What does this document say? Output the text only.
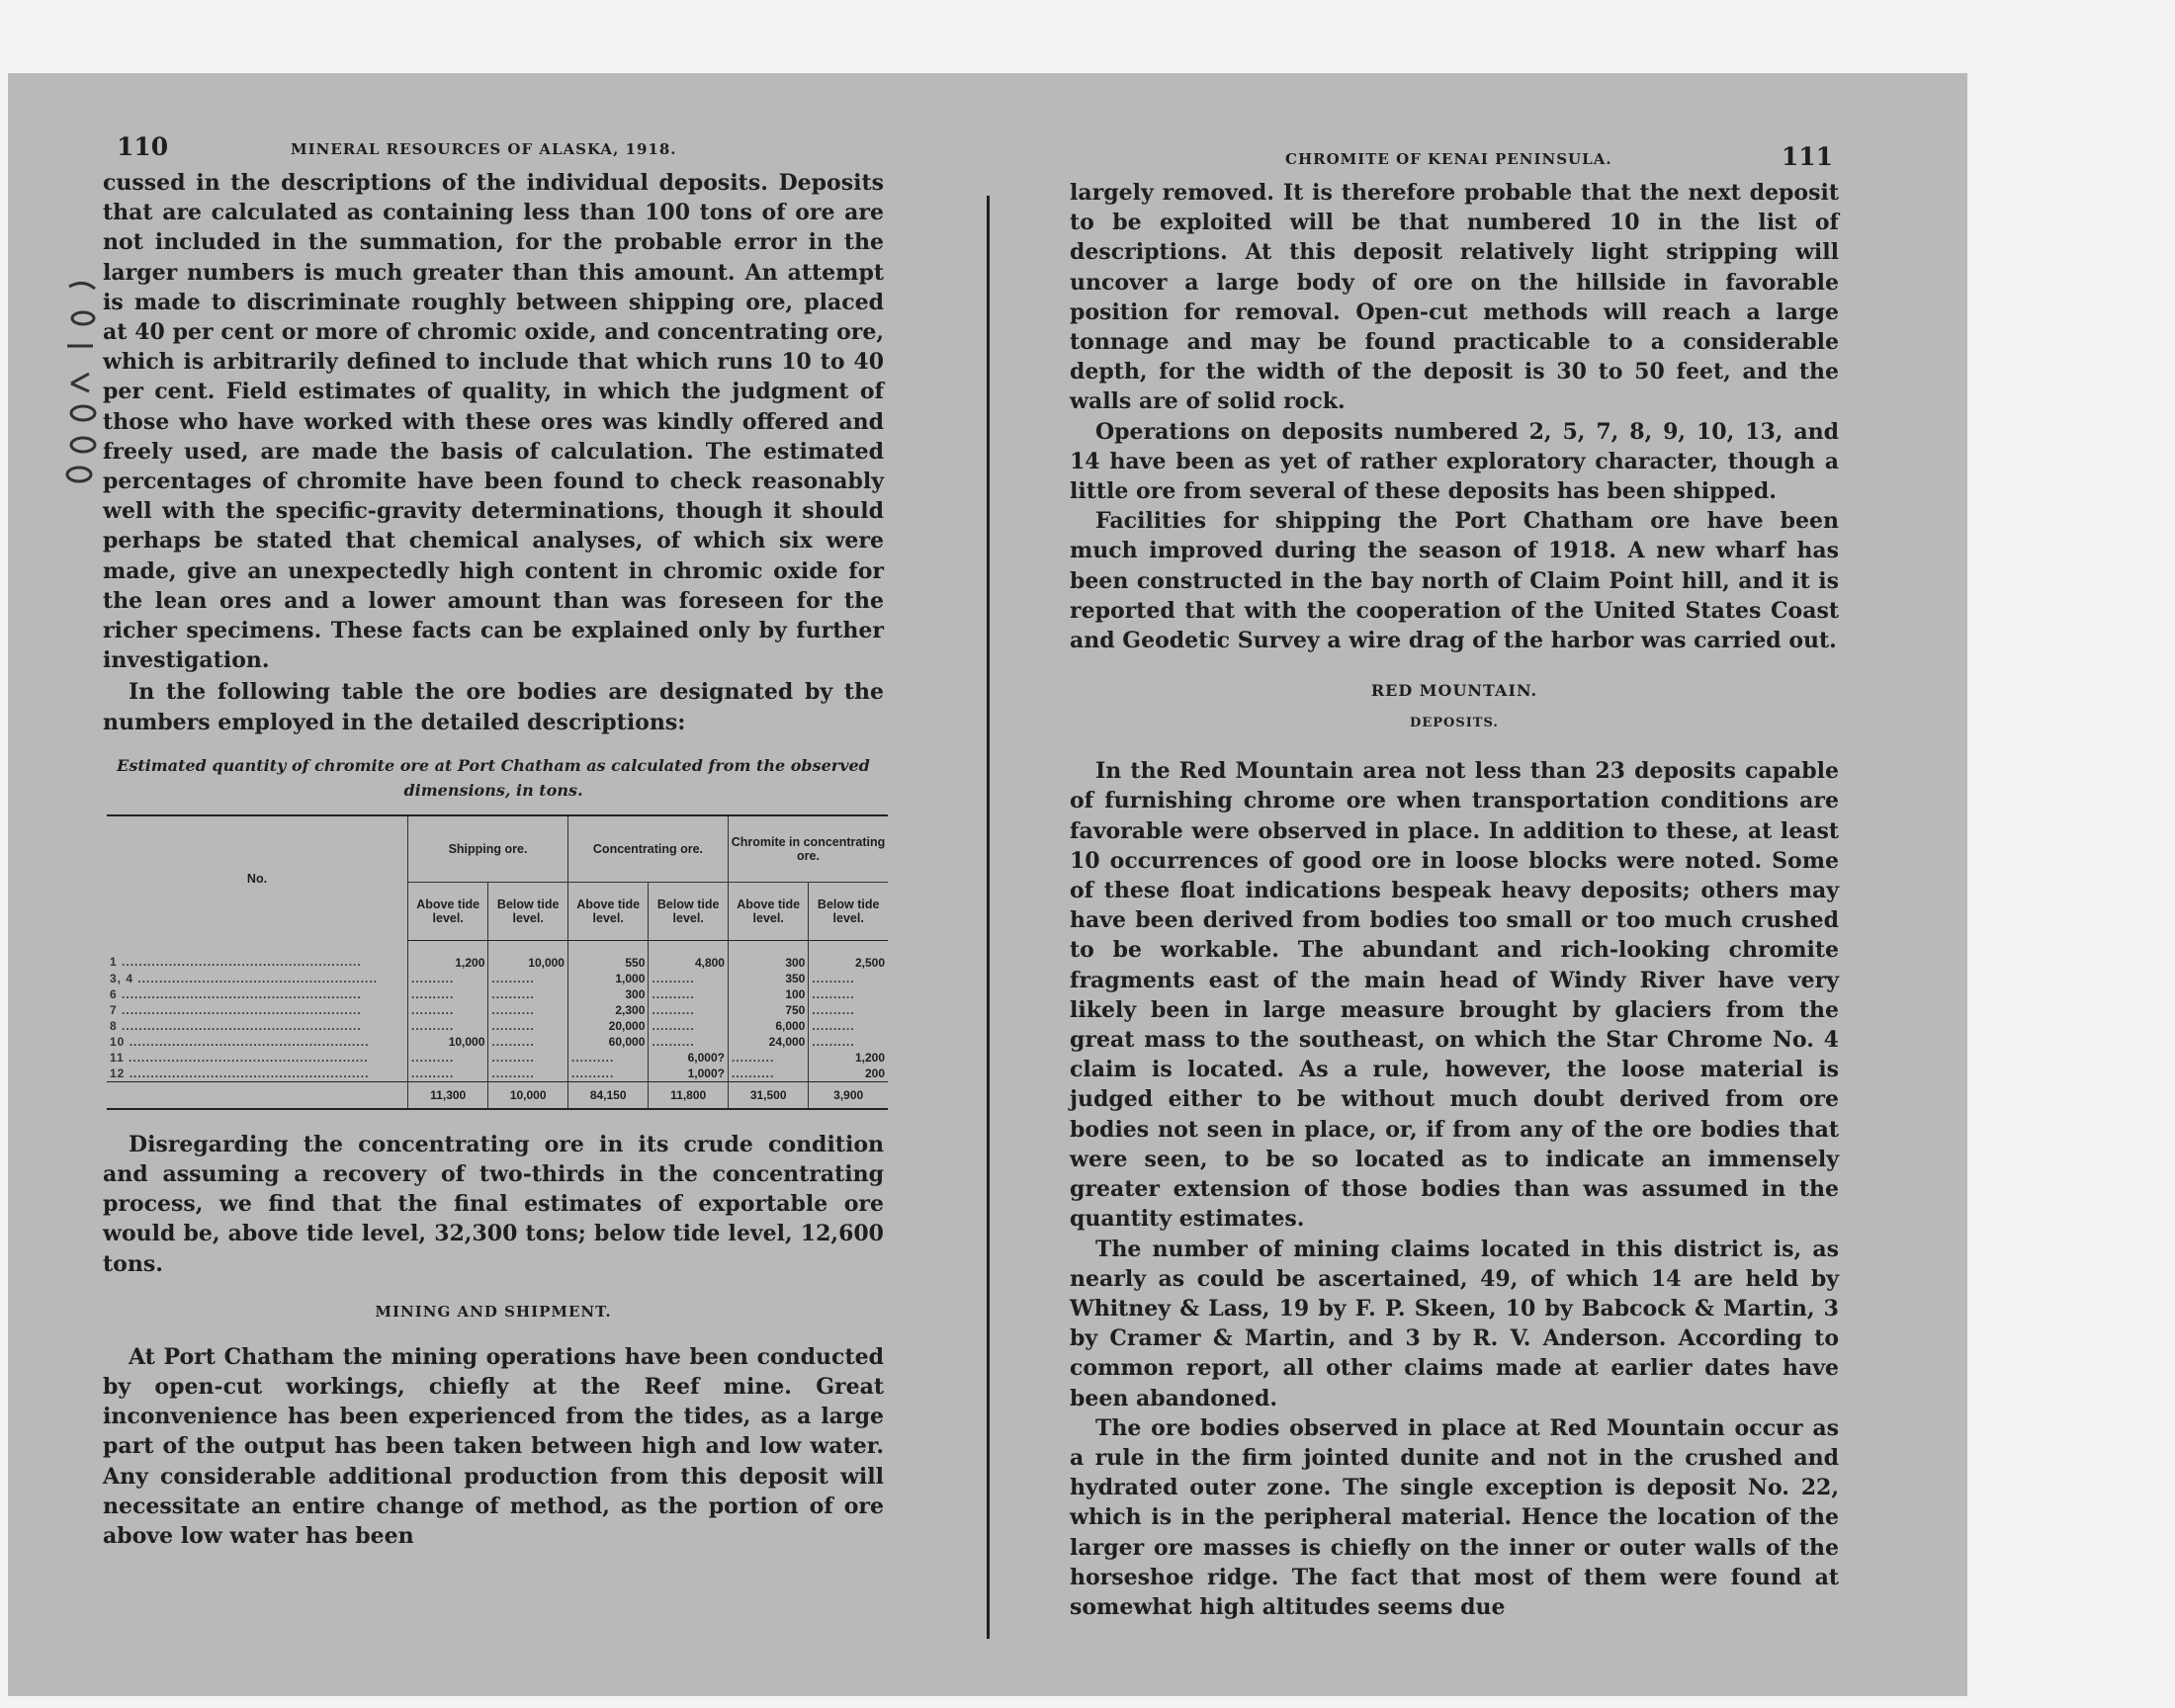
110	MINERAL RESOURCES OF ALASKA, 1918.

cussed in the descriptions of the individual deposits. Deposits that are calculated as containing less than 100 tons of ore are not included in the summation, for the probable error in the larger numbers is much greater than this amount. An attempt is made to discriminate roughly between shipping ore, placed at 40 per cent or more of chromic oxide, and concentrating ore, which is arbitrarily defined to include that which runs 10 to 40 per cent. Field estimates of quality, in which the judgment of those who have worked with these ores was kindly offered and freely used, are made the basis of calculation. The estimated percentages of chromite have been found to check reasonably well with the specific-gravity determinations, though it should perhaps be stated that chemical analyses, of which six were made, give an unexpectedly high content in chromic oxide for the lean ores and a lower amount than was foreseen for the richer specimens. These facts can be explained only by further investigation.

In the following table the ore bodies are designated by the numbers employed in the detailed descriptions:

Estimated quantity of chromite ore at Port Chatham as calculated from the observed dimensions, in tons.
No.	Shipping ore.		Concentrating ore.		Chromite in concentrating ore.	
	Above tide level.	Below tide level.	Above tide level.	Below tide level.	Above tide level.	Below tide level.
1 ........................................................	1,200	10,000	550	4,800	300	2,500
3, 4 ........................................................	..........	..........	1,000	..........	350	..........
6 ........................................................	..........	..........	300	..........	100	..........
7 ........................................................	..........	..........	2,300	..........	750	..........
8 ........................................................	..........	..........	20,000	..........	6,000	..........
10 ........................................................	10,000	..........	60,000	..........	24,000	..........
11 ........................................................	..........	..........	..........	6,000?	..........	1,200
12 ........................................................	..........	..........	..........	1,000?	..........	200
	11,300	10,000	84,150	11,800	31,500	3,900

Disregarding the concentrating ore in its crude condition and assuming a recovery of two-thirds in the concentrating process, we find that the final estimates of exportable ore would be, above tide level, 32,300 tons; below tide level, 12,600 tons.

MINING AND SHIPMENT.

At Port Chatham the mining operations have been conducted by open-cut workings, chiefly at the Reef mine. Great inconvenience has been experienced from the tides, as a large part of the output has been taken between high and low water. Any considerable additional production from this deposit will necessitate an entire change of method, as the portion of ore above low water has been

CHROMITE OF KENAI PENINSULA.	111

largely removed. It is therefore probable that the next deposit to be exploited will be that numbered 10 in the list of descriptions. At this deposit relatively light stripping will uncover a large body of ore on the hillside in favorable position for removal. Open-cut methods will reach a large tonnage and may be found practicable to a considerable depth, for the width of the deposit is 30 to 50 feet, and the walls are of solid rock.

Operations on deposits numbered 2, 5, 7, 8, 9, 10, 13, and 14 have been as yet of rather exploratory character, though a little ore from several of these deposits has been shipped.

Facilities for shipping the Port Chatham ore have been much improved during the season of 1918. A new wharf has been constructed in the bay north of Claim Point hill, and it is reported that with the cooperation of the United States Coast and Geodetic Survey a wire drag of the harbor was carried out.

RED MOUNTAIN.
DEPOSITS.

In the Red Mountain area not less than 23 deposits capable of furnishing chrome ore when transportation conditions are favorable were observed in place. In addition to these, at least 10 occurrences of good ore in loose blocks were noted. Some of these float indications bespeak heavy deposits; others may have been derived from bodies too small or too much crushed to be workable. The abundant and rich-looking chromite fragments east of the main head of Windy River have very likely been in large measure brought by glaciers from the great mass to the southeast, on which the Star Chrome No. 4 claim is located. As a rule, however, the loose material is judged either to be without much doubt derived from ore bodies not seen in place, or, if from any of the ore bodies that were seen, to be so located as to indicate an immensely greater extension of those bodies than was assumed in the quantity estimates.

The number of mining claims located in this district is, as nearly as could be ascertained, 49, of which 14 are held by Whitney & Lass, 19 by F. P. Skeen, 10 by Babcock & Martin, 3 by Cramer & Martin, and 3 by R. V. Anderson. According to common report, all other claims made at earlier dates have been abandoned.

The ore bodies observed in place at Red Mountain occur as a rule in the firm jointed dunite and not in the crushed and hydrated outer zone. The single exception is deposit No. 22, which is in the peripheral material. Hence the location of the larger ore masses is chiefly on the inner or outer walls of the horseshoe ridge. The fact that most of them were found at somewhat high altitudes seems due
